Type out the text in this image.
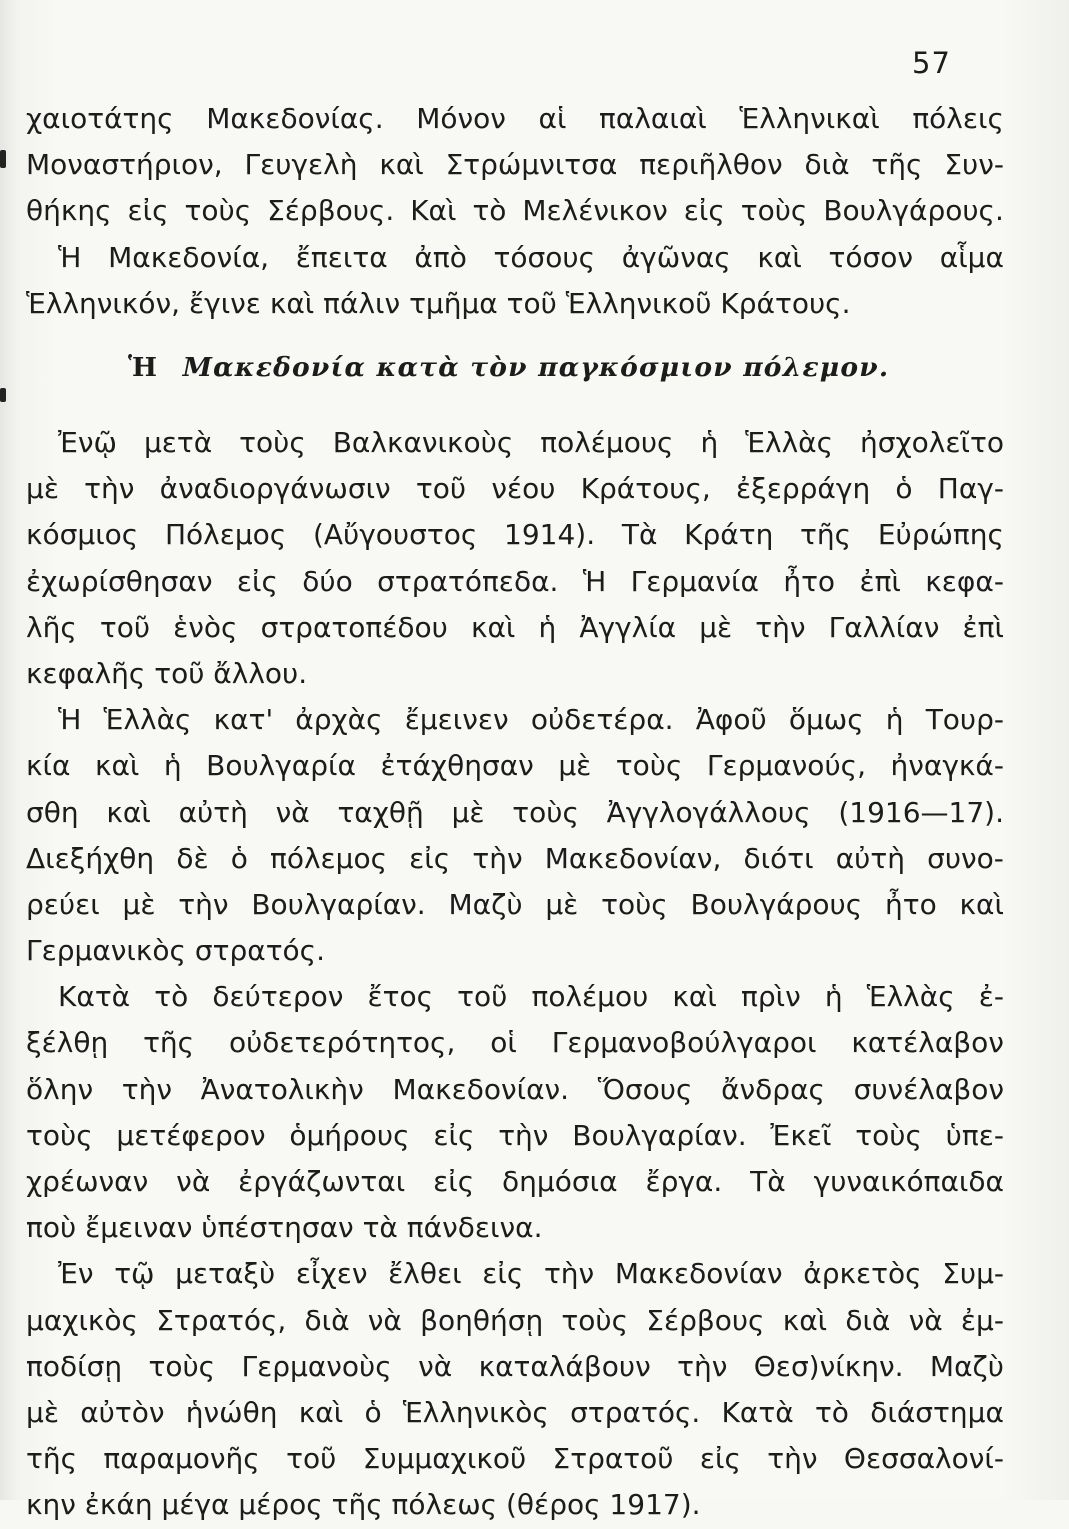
57
χαιοτάτης Μακεδονίας. Μόνον αἱ παλαιαὶ Ἑλληνικαὶ πόλεις
Μοναστήριον, Γευγελὴ καὶ Στρώμνιτσα περιῆλθον διὰ τῆς Συν-
θήκης εἰς τοὺς Σέρβους. Καὶ τὸ Μελένικον εἰς τοὺς Βουλγάρους.
Ἡ Μακεδονία, ἔπειτα ἀπὸ τόσους ἀγῶνας καὶ τόσον αἷμα
Ἑλληνικόν, ἔγινε καὶ πάλιν τμῆμα τοῦ Ἑλληνικοῦ Κράτους.
Ἡ Μακεδονία κατὰ τὸν παγκόσμιον πόλεμον.
Ἐνῷ μετὰ τοὺς Βαλκανικοὺς πολέμους ἡ Ἑλλὰς ἠσχολεῖτο
μὲ τὴν ἀναδιοργάνωσιν τοῦ νέου Κράτους, ἐξερράγη ὁ Παγ-
κόσμιος Πόλεμος (Αὔγουστος 1914). Τὰ Κράτη τῆς Εὐρώπης
ἐχωρίσθησαν εἰς δύο στρατόπεδα. Ἡ Γερμανία ἦτο ἐπὶ κεφα-
λῆς τοῦ ἑνὸς στρατοπέδου καὶ ἡ Ἀγγλία μὲ τὴν Γαλλίαν ἐπὶ
κεφαλῆς τοῦ ἄλλου.
Ἡ Ἑλλὰς κατ' ἀρχὰς ἔμεινεν οὐδετέρα. Ἀφοῦ ὅμως ἡ Τουρ-
κία καὶ ἡ Βουλγαρία ἐτάχθησαν μὲ τοὺς Γερμανούς, ἠναγκά-
σθη καὶ αὐτὴ νὰ ταχθῇ μὲ τοὺς Ἀγγλογάλλους (1916—17).
Διεξήχθη δὲ ὁ πόλεμος εἰς τὴν Μακεδονίαν, διότι αὐτὴ συνο-
ρεύει μὲ τὴν Βουλγαρίαν. Μαζὺ μὲ τοὺς Βουλγάρους ἦτο καὶ
Γερμανικὸς στρατός.
Κατὰ τὸ δεύτερον ἔτος τοῦ πολέμου καὶ πρὶν ἡ Ἑλλὰς ἐ-
ξέλθῃ τῆς οὐδετερότητος, οἱ Γερμανοβούλγαροι κατέλαβον
ὅλην τὴν Ἀνατολικὴν Μακεδονίαν. Ὅσους ἄνδρας συνέλαβον
τοὺς μετέφερον ὁμήρους εἰς τὴν Βουλγαρίαν. Ἐκεῖ τοὺς ὑπε-
χρέωναν νὰ ἐργάζωνται εἰς δημόσια ἔργα. Τὰ γυναικόπαιδα
ποὺ ἔμειναν ὑπέστησαν τὰ πάνδεινα.
Ἐν τῷ μεταξὺ εἶχεν ἔλθει εἰς τὴν Μακεδονίαν ἀρκετὸς Συμ-
μαχικὸς Στρατός, διὰ νὰ βοηθήσῃ τοὺς Σέρβους καὶ διὰ νὰ ἐμ-
ποδίσῃ τοὺς Γερμανοὺς νὰ καταλάβουν τὴν Θεσ)νίκην. Μαζὺ
μὲ αὐτὸν ἡνώθη καὶ ὁ Ἑλληνικὸς στρατός. Κατὰ τὸ διάστημα
τῆς παραμονῆς τοῦ Συμμαχικοῦ Στρατοῦ εἰς τὴν Θεσσαλονί-
κην ἐκάη μέγα μέρος τῆς πόλεως (θέρος 1917).
